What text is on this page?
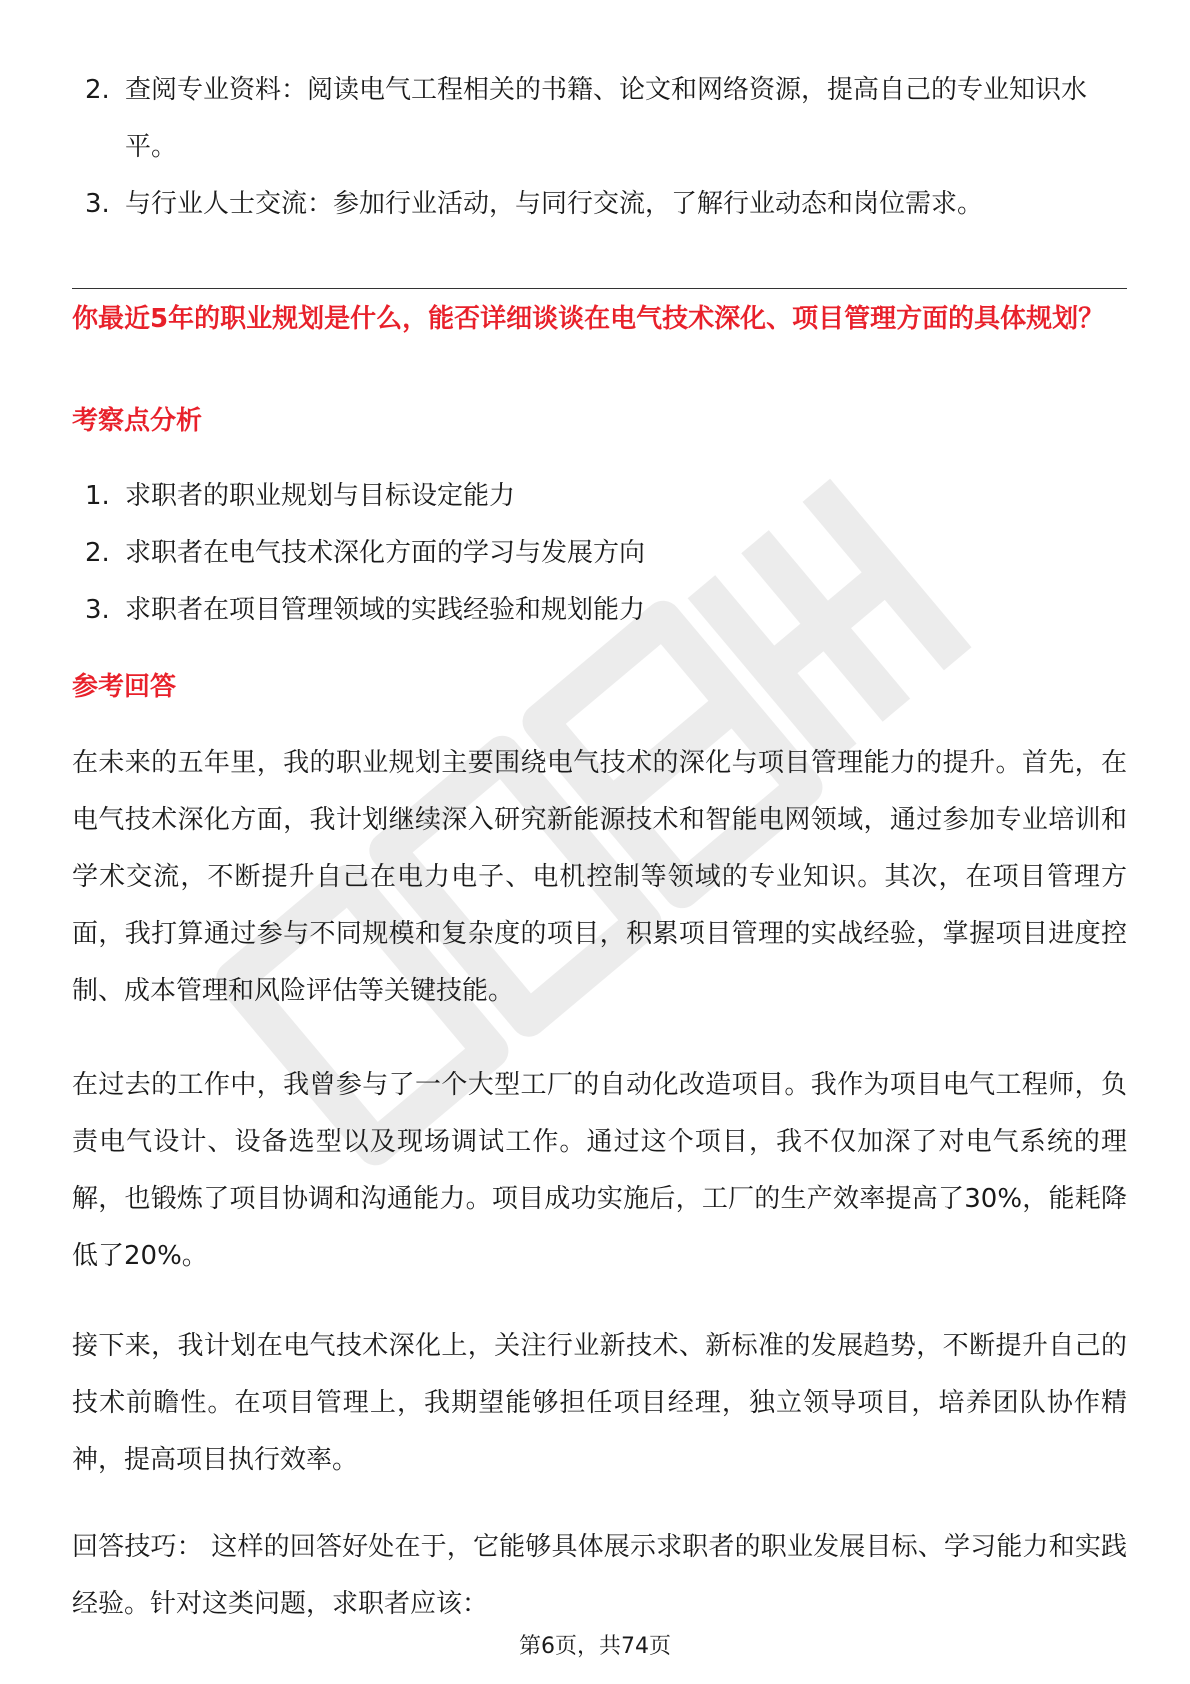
2. 查阅专业资料：阅读电气工程相关的书籍、论文和网络资源，提高自己的专业知识水平。
3. 与行业人士交流：参加行业活动，与同行交流，了解行业动态和岗位需求。

你最近5年的职业规划是什么，能否详细谈谈在电气技术深化、项目管理方面的具体规划？

考察点分析

1. 求职者的职业规划与目标设定能力
2. 求职者在电气技术深化方面的学习与发展方向
3. 求职者在项目管理领域的实践经验和规划能力

参考回答

在未来的五年里，我的职业规划主要围绕电气技术的深化与项目管理能力的提升。首先，在电气技术深化方面，我计划继续深入研究新能源技术和智能电网领域，通过参加专业培训和学术交流，不断提升自己在电力电子、电机控制等领域的专业知识。其次，在项目管理方面，我打算通过参与不同规模和复杂度的项目，积累项目管理的实战经验，掌握项目进度控制、成本管理和风险评估等关键技能。

在过去的工作中，我曾参与了一个大型工厂的自动化改造项目。我作为项目电气工程师，负责电气设计、设备选型以及现场调试工作。通过这个项目，我不仅加深了对电气系统的理解，也锻炼了项目协调和沟通能力。项目成功实施后，工厂的生产效率提高了30%，能耗降低了20%。

接下来，我计划在电气技术深化上，关注行业新技术、新标准的发展趋势，不断提升自己的技术前瞻性。在项目管理上，我期望能够担任项目经理，独立领导项目，培养团队协作精神，提高项目执行效率。

回答技巧： 这样的回答好处在于，它能够具体展示求职者的职业发展目标、学习能力和实践经验。针对这类问题，求职者应该：

第6页，共74页
